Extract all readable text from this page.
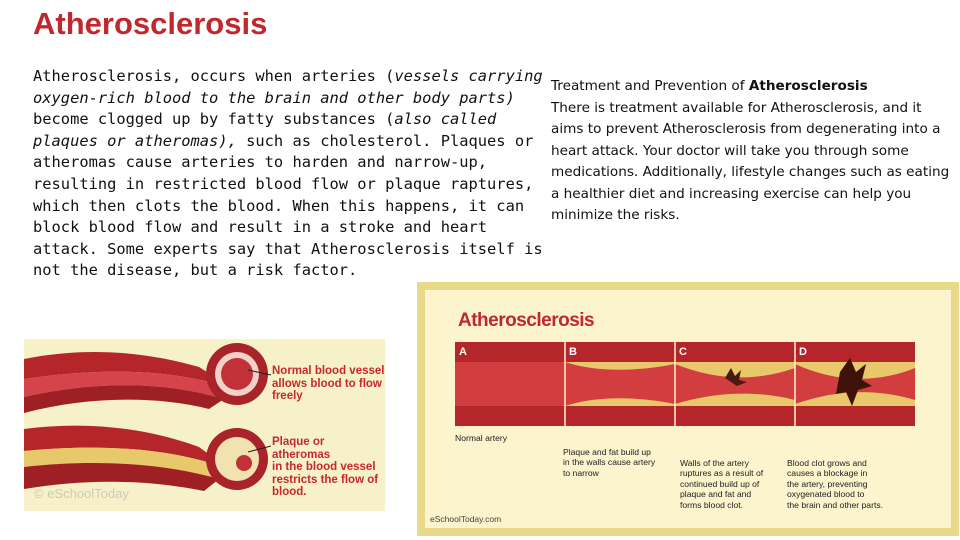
Atherosclerosis
Atherosclerosis, occurs when arteries (vessels carrying oxygen-rich blood to the brain and other body parts) become clogged up by fatty substances (also called plaques or atheromas), such as cholesterol. Plaques or atheromas cause arteries to harden and narrow-up, resulting in restricted blood flow or plaque raptures, which then clots the blood. When this happens, it can block blood flow and result in a stroke and heart attack. Some experts say that Atherosclerosis itself is not the disease, but a risk factor.
Treatment and Prevention of Atherosclerosis
There is treatment available for Atherosclerosis, and it aims to prevent Atherosclerosis from degenerating into a heart attack. Your doctor will take you through some medications. Additionally, lifestyle changes such as eating a healthier diet and increasing exercise can help you minimize the risks.
Normal blood vessel
allows blood to flow
freely
Plaque or atheromas
in the blood vessel
restricts the flow of
blood.
© eSchoolToday
Atherosclerosis
A	B	C	D
Normal artery
Plaque and fat build up
in the walls cause artery
to narrow
Walls of the artery
ruptures as a result of
continued build up of
plaque and fat and
forms blood clot.
Blood clot grows and
causes a blockage in
the artery, preventing
oxygenated blood to
the brain and other parts.
eSchoolToday.com
